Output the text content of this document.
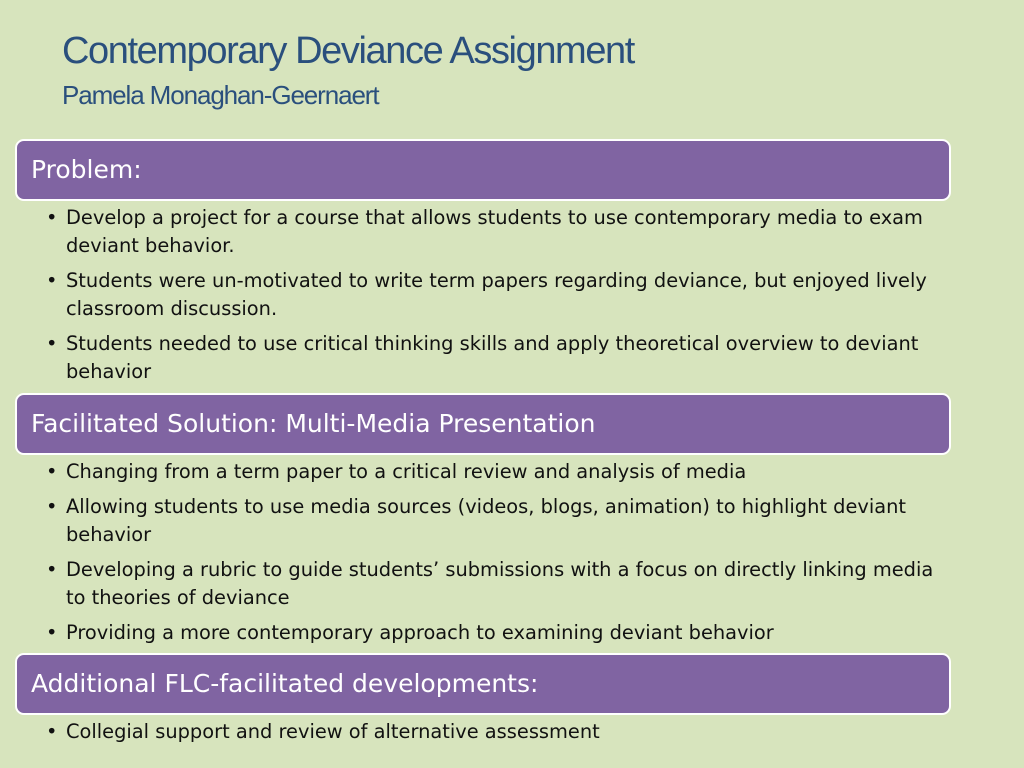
Contemporary Deviance Assignment
Pamela Monaghan-Geernaert
Problem:
• Develop a project for a course that allows students to use contemporary media to exam deviant behavior.
• Students were un-motivated to write term papers regarding deviance, but enjoyed lively classroom discussion.
• Students needed to use critical thinking skills and apply theoretical overview to deviant behavior
Facilitated Solution: Multi-Media Presentation
• Changing from a term paper to a critical review and analysis of media
• Allowing students to use media sources (videos, blogs, animation) to highlight deviant behavior
• Developing a rubric to guide students’ submissions with a focus on directly linking media to theories of deviance
• Providing a more contemporary approach to examining deviant behavior
Additional FLC-facilitated developments:
• Collegial support and review of alternative assessment
